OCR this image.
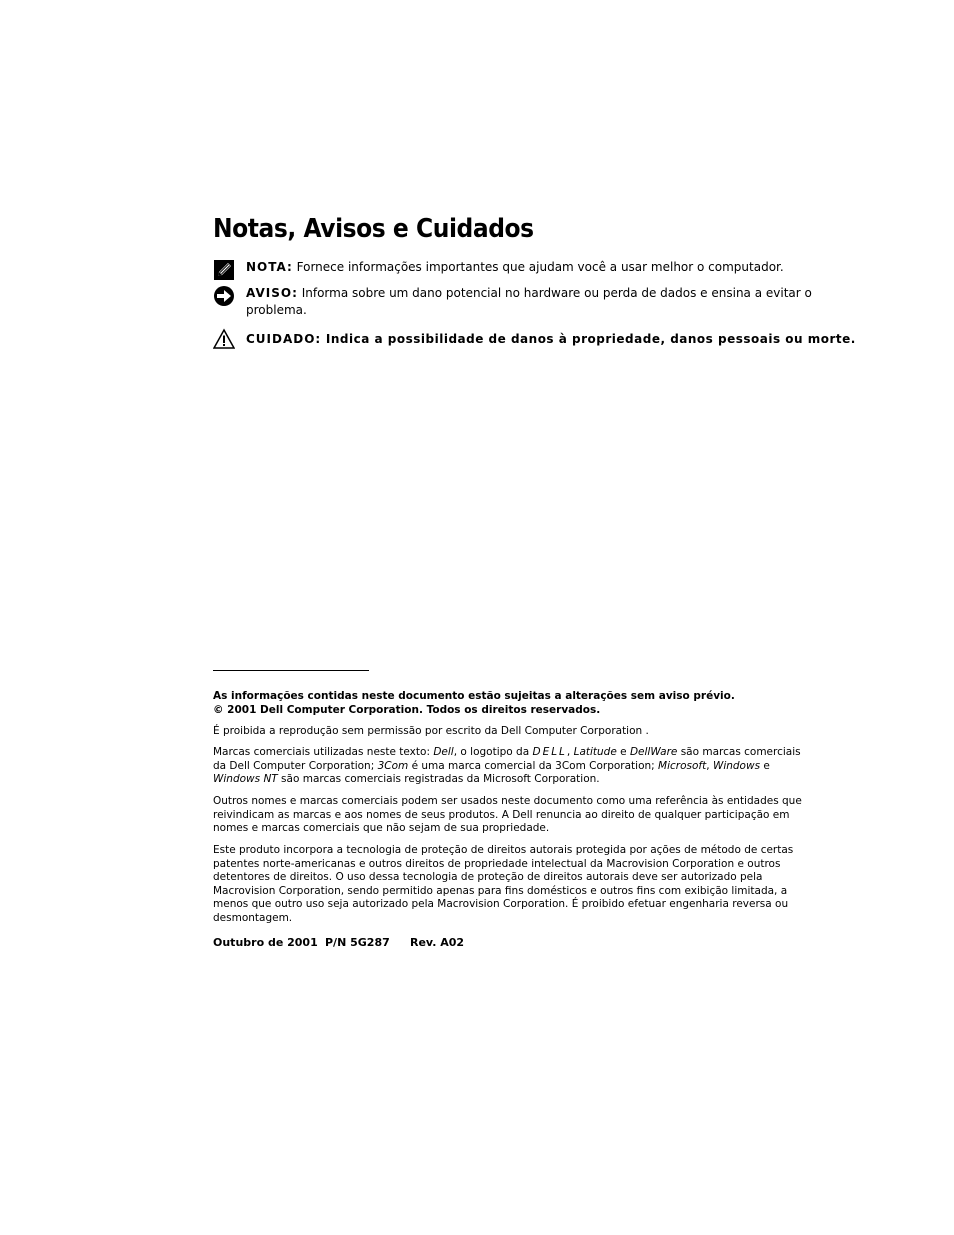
Notas, Avisos e Cuidados
NOTA: Fornece informações importantes que ajudam você a usar melhor o computador.
AVISO: Informa sobre um dano potencial no hardware ou perda de dados e ensina a evitar o problema.
CUIDADO: Indica a possibilidade de danos à propriedade, danos pessoais ou morte.
As informações contidas neste documento estão sujeitas a alterações sem aviso prévio.
© 2001 Dell Computer Corporation. Todos os direitos reservados.
É proibida a reprodução sem permissão por escrito da Dell Computer Corporation .
Marcas comerciais utilizadas neste texto: Dell, o logotipo da DELL, Latitude e DellWare são marcas comerciais da Dell Computer Corporation; 3Com é uma marca comercial da 3Com Corporation; Microsoft, Windows e Windows NT são marcas comerciais registradas da Microsoft Corporation.
Outros nomes e marcas comerciais podem ser usados neste documento como uma referência às entidades que reivindicam as marcas e aos nomes de seus produtos. A Dell renuncia ao direito de qualquer participação em nomes e marcas comerciais que não sejam de sua propriedade.
Este produto incorpora a tecnologia de proteção de direitos autorais protegida por ações de método de certas patentes norte-americanas e outros direitos de propriedade intelectual da Macrovision Corporation e outros detentores de direitos. O uso dessa tecnologia de proteção de direitos autorais deve ser autorizado pela Macrovision Corporation, sendo permitido apenas para fins domésticos e outros fins com exibição limitada, a menos que outro uso seja autorizado pela Macrovision Corporation. É proibido efetuar engenharia reversa ou desmontagem.
Outubro de 2001 P/N 5G287 Rev. A02
